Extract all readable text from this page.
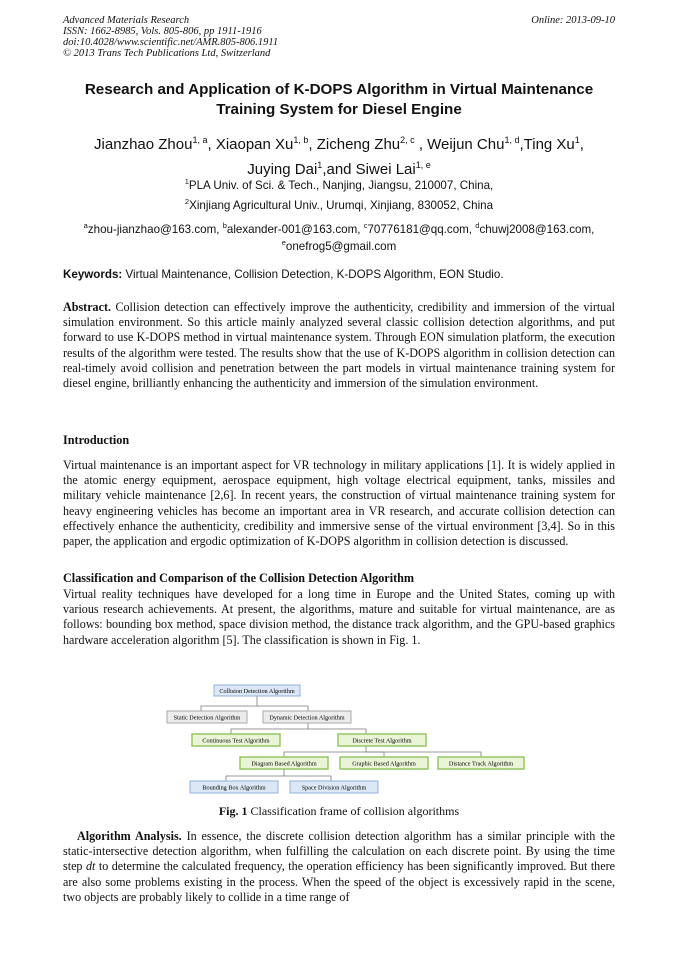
Advanced Materials Research
ISSN: 1662-8985, Vols. 805-806, pp 1911-1916
doi:10.4028/www.scientific.net/AMR.805-806.1911
© 2013 Trans Tech Publications Ltd, Switzerland
Online: 2013-09-10
Research and Application of K-DOPS Algorithm in Virtual Maintenance
Training System for Diesel Engine
Jianzhao Zhou$^{1, a}$, Xiaopan Xu$^{1, b}$, Zicheng Zhu$^{2, c}$ , Weijun Chu$^{1, d}$,Ting Xu$^1$,
Juying Dai$^1$,and Siwei Lai$^{1, e}$
$^1$PLA Univ. of Sci. & Tech., Nanjing, Jiangsu, 210007, China,
$^2$Xinjiang Agricultural Univ., Urumqi, Xinjiang, 830052, China
$^a$zhou-jianzhao@163.com, $^b$alexander-001@163.com, $^c$70776181@qq.com, $^d$chuwj2008@163.com,
$^e$onefrog5@gmail.com
Keywords: Virtual Maintenance, Collision Detection, K-DOPS Algorithm, EON Studio.
Abstract. Collision detection can effectively improve the authenticity, credibility and immersion of the virtual simulation environment. So this article mainly analyzed several classic collision detection algorithms, and put forward to use K-DOPS method in virtual maintenance system. Through EON simulation platform, the execution results of the algorithm were tested. The results show that the use of K-DOPS algorithm in collision detection can real-timely avoid collision and penetration between the part models in virtual maintenance training system for diesel engine, brilliantly enhancing the authenticity and immersion of the simulation environment.
Introduction
Virtual maintenance is an important aspect for VR technology in military applications [1]. It is widely applied in the atomic energy equipment, aerospace equipment, high voltage electrical equipment, tanks, missiles and military vehicle maintenance [2,6]. In recent years, the construction of virtual maintenance training system for heavy engineering vehicles has become an important area in VR research, and accurate collision detection can effectively enhance the authenticity, credibility and immersive sense of the virtual environment [3,4]. So in this paper, the application and ergodic optimization of K-DOPS algorithm in collision detection is discussed.
Classification and Comparison of the Collision Detection Algorithm
Virtual reality techniques have developed for a long time in Europe and the United States, coming up with various research achievements. At present, the algorithms, mature and suitable for virtual maintenance, are as follows: bounding box method, space division method, the distance track algorithm, and the GPU-based graphics hardware acceleration algorithm [5]. The classification is shown in Fig. 1.
Collision Detection Algorithm
Static Detection Algorithm	Dynamic Detection Algorithm
Continuous Test Algorithm	Discrete Test Algorithm
Diagram Based Algorithm	Graphic Based Algorithm	Distance Track Algorithm
Bounding Box Algorithm	Space Division Algorithm
Fig. 1 Classification frame of collision algorithms
Algorithm Analysis. In essence, the discrete collision detection algorithm has a similar principle with the static-intersective detection algorithm, when fulfilling the calculation on each discrete point. By using the time step dt to determine the calculated frequency, the operation efficiency has been significantly improved. But there are also some problems existing in the process. When the speed of the object is excessively rapid in the scene, two objects are probably likely to collide in a time range of
